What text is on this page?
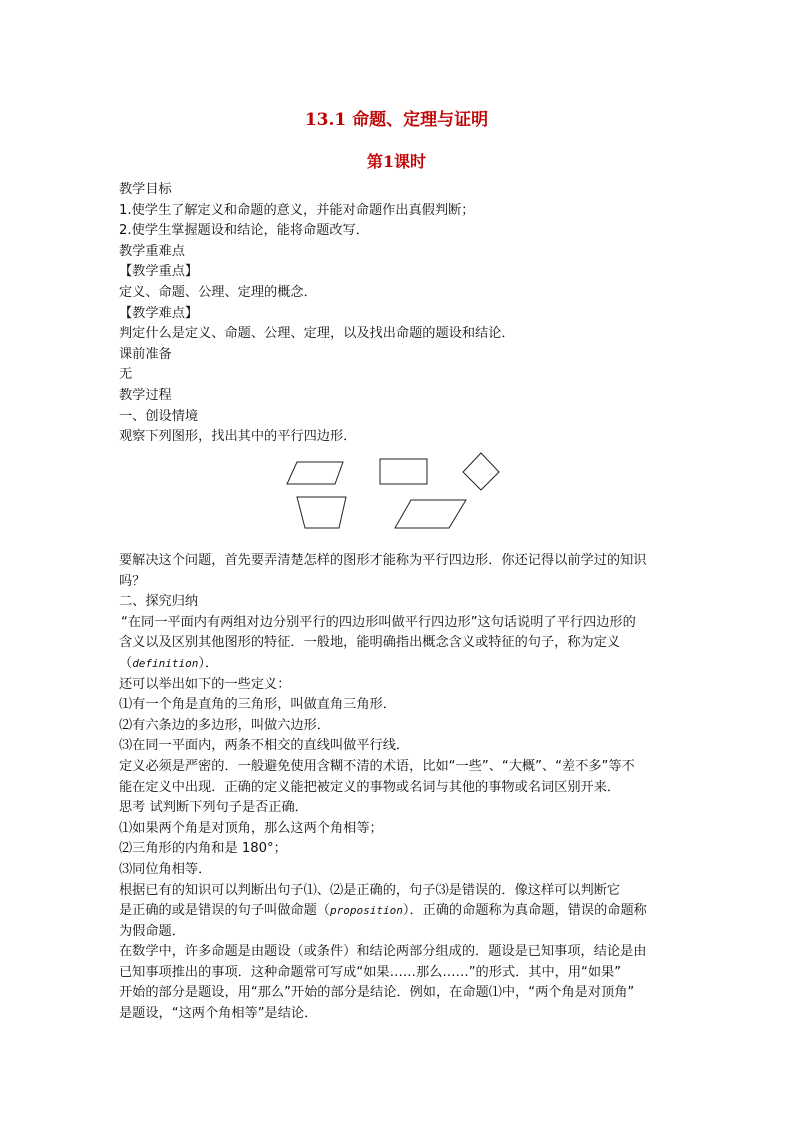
13.1 命题、定理与证明
第1课时

教学目标

1.使学生了解定义和命题的意义，并能对命题作出真假判断；

2.使学生掌握题设和结论，能将命题改写．

教学重难点

【教学重点】

定义、命题、公理、定理的概念．

【教学难点】

判定什么是定义、命题、公理、定理，以及找出命题的题设和结论．

课前准备

无

教学过程

一、创设情境

观察下列图形，找出其中的平行四边形．

要解决这个问题，首先要弄清楚怎样的图形才能称为平行四边形．你还记得以前学过的知识

吗？

二、探究归纳

“在同一平面内有两组对边分别平行的四边形叫做平行四边形”这句话说明了平行四边形的

含义以及区别其他图形的特征．一般地，能明确指出概念含义或特征的句子，称为定义

（definition）．

还可以举出如下的一些定义：

⑴有一个角是直角的三角形，叫做直角三角形．

⑵有六条边的多边形，叫做六边形．

⑶在同一平面内，两条不相交的直线叫做平行线．

定义必须是严密的．一般避免使用含糊不清的术语，比如“一些”、“大概”、“差不多”等不

能在定义中出现．正确的定义能把被定义的事物或名词与其他的事物或名词区别开来．

思考 试判断下列句子是否正确．

⑴如果两个角是对顶角，那么这两个角相等；

⑵三角形的内角和是 180°；

⑶同位角相等．

根据已有的知识可以判断出句子⑴、⑵是正确的，句子⑶是错误的．像这样可以判断它

是正确的或是错误的句子叫做命题（proposition）．正确的命题称为真命题，错误的命题称

为假命题．

在数学中，许多命题是由题设（或条件）和结论两部分组成的．题设是已知事项，结论是由

已知事项推出的事项．这种命题常可写成“如果……那么……”的形式．其中，用“如果”

开始的部分是题设，用“那么”开始的部分是结论．例如，在命题⑴中，“两个角是对顶角”

是题设，“这两个角相等”是结论．
